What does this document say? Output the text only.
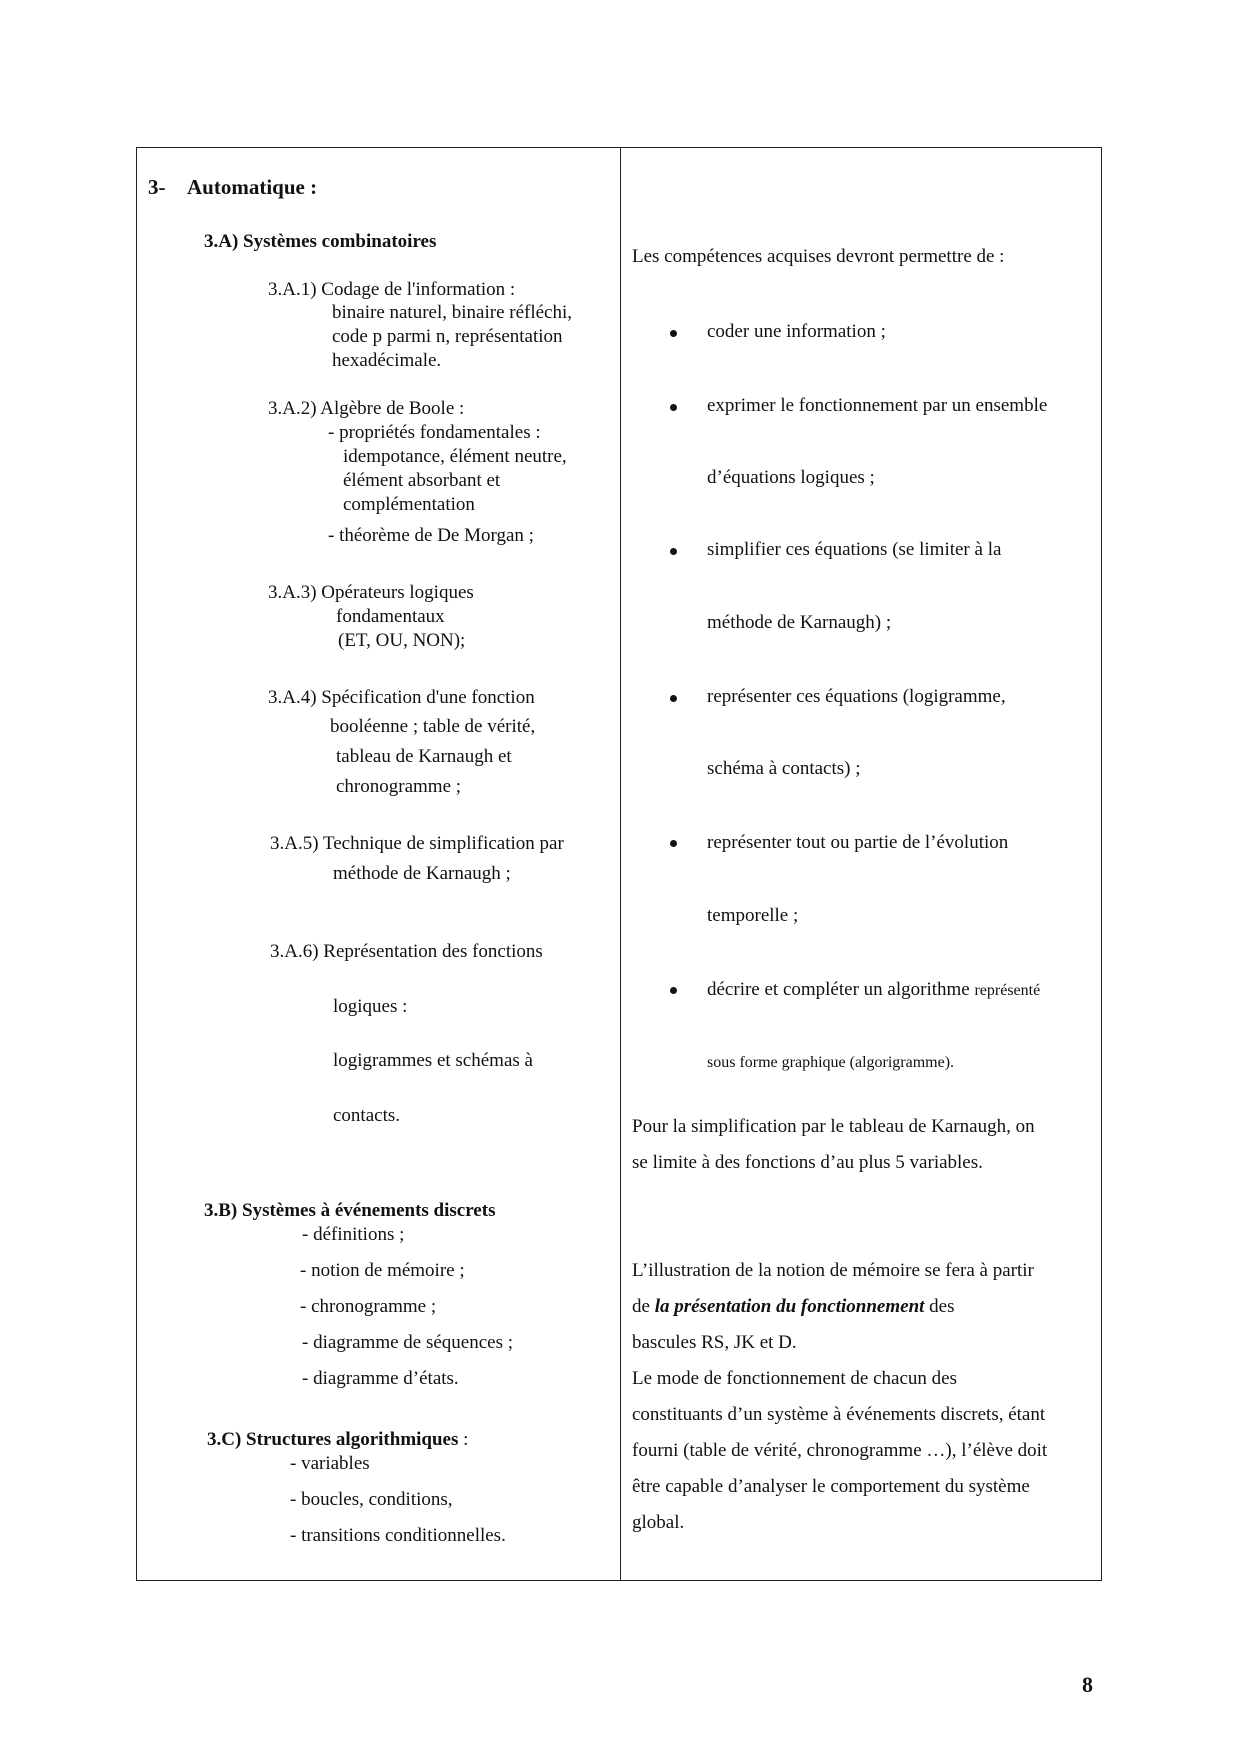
3- Automatique :
3.A) Systèmes combinatoires
3.A.1) Codage de l'information :
binaire naturel, binaire réfléchi,
code p parmi n, représentation
hexadécimale.
3.A.2) Algèbre de Boole :
- propriétés fondamentales :
idempotance, élément neutre,
élément absorbant et
complémentation
- théorème de De Morgan ;
3.A.3) Opérateurs logiques
fondamentaux
(ET, OU, NON);
3.A.4) Spécification d'une fonction
booléenne ; table de vérité,
tableau de Karnaugh et
chronogramme ;
3.A.5) Technique de simplification par
méthode de Karnaugh ;
3.A.6) Représentation des fonctions
logiques :
logigrammes et schémas à
contacts.
3.B) Systèmes à événements discrets
- définitions ;
- notion de mémoire ;
- chronogramme ;
- diagramme de séquences ;
- diagramme d’états.
3.C) Structures algorithmiques :
- variables
- boucles, conditions,
- transitions conditionnelles.
Les compétences acquises devront permettre de :
coder une information ;
exprimer le fonctionnement par un ensemble
d’équations logiques ;
simplifier ces équations (se limiter à la
méthode de Karnaugh) ;
représenter ces équations (logigramme,
schéma à contacts) ;
représenter tout ou partie de l’évolution
temporelle ;
décrire et compléter un algorithme représenté
sous forme graphique (algorigramme).
Pour la simplification par le tableau de Karnaugh, on
se limite à des fonctions d’au plus 5 variables.
L’illustration de la notion de mémoire se fera à partir
de la présentation du fonctionnement des
bascules RS, JK et D.
Le mode de fonctionnement de chacun des
constituants d’un système à événements discrets, étant
fourni (table de vérité, chronogramme …), l’élève doit
être capable d’analyser le comportement du système
global.
8
